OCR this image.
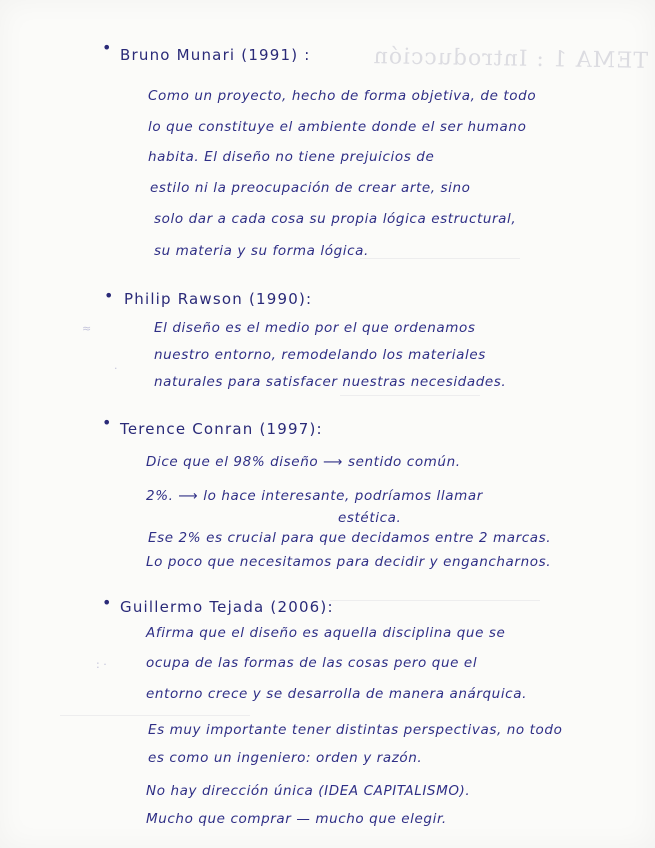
TEMA 1 : Introducción
≈
·
: ·
• Bruno Munari (1991) :
Como un proyecto, hecho de forma objetiva, de todo
lo que constituye el ambiente donde el ser humano
habita. El diseño no tiene prejuicios de
estilo ni la preocupación de crear arte, sino
solo dar a cada cosa su propia lógica estructural,
su materia y su forma lógica.
• Philip Rawson (1990):
El diseño es el medio por el que ordenamos
nuestro entorno, remodelando los materiales
naturales para satisfacer nuestras necesidades.
• Terence Conran (1997):
Dice que el 98% diseño ⟶ sentido común.
2%. ⟶ lo hace interesante, podríamos llamar
estética.
Ese 2% es crucial para que decidamos entre 2 marcas.
Lo poco que necesitamos para decidir y engancharnos.
• Guillermo Tejada (2006):
Afirma que el diseño es aquella disciplina que se
ocupa de las formas de las cosas pero que el
entorno crece y se desarrolla de manera anárquica.
Es muy importante tener distintas perspectivas, no todo
es como un ingeniero: orden y razón.
No hay dirección única (IDEA CAPITALISMO).
Mucho que comprar — mucho que elegir.
